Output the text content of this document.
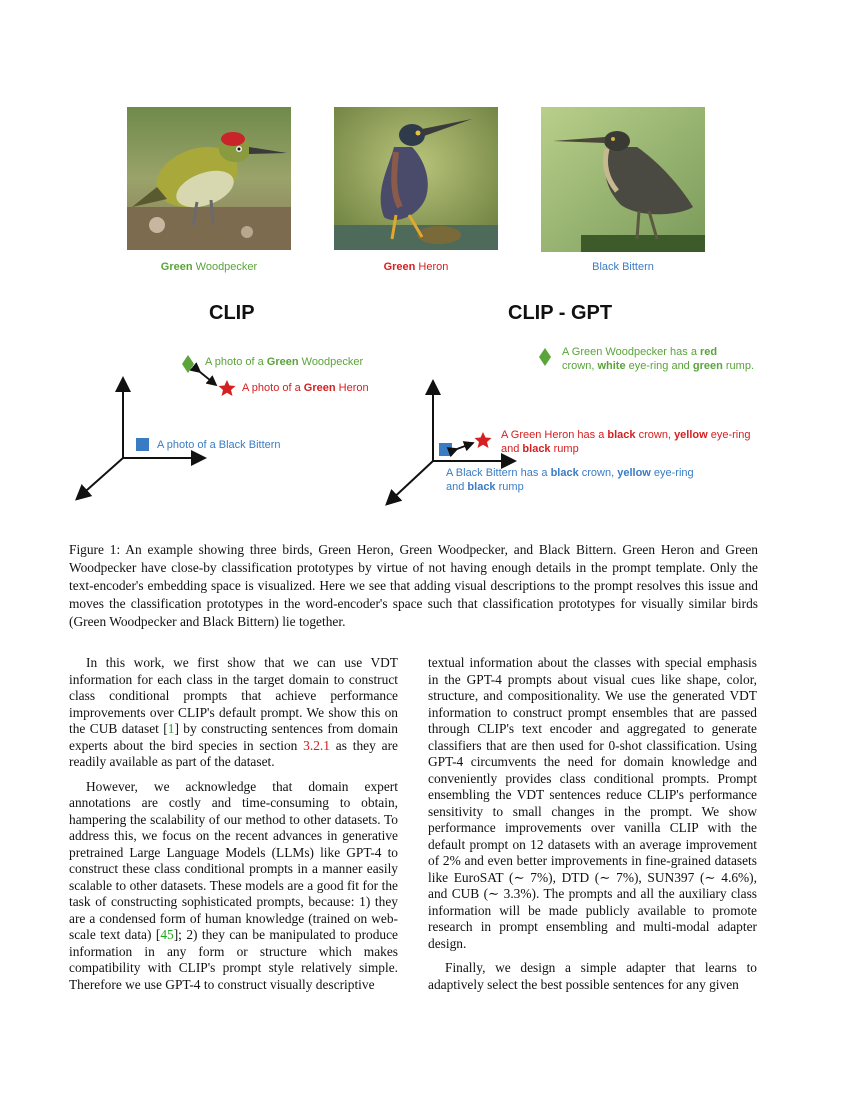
Green Woodpecker	Green Heron	Black Bittern
CLIP	CLIP - GPT
A photo of a Green Woodpecker
A photo of a Green Heron
A photo of a Black Bittern
A Green Woodpecker has a red
crown, white eye-ring and green rump.
A Green Heron has a black crown, yellow eye-ring
and black rump
A Black Bittern has a black crown, yellow eye-ring
and black rump
Figure 1: An example showing three birds, Green Heron, Green Woodpecker, and Black Bittern. Green Heron and Green Woodpecker have close-by classification prototypes by virtue of not having enough details in the prompt template. Only the text-encoder's embedding space is visualized. Here we see that adding visual descriptions to the prompt resolves this issue and moves the classification prototypes in the word-encoder's space such that classification prototypes for visually similar birds (Green Woodpecker and Black Bittern) lie together.

In this work, we first show that we can use VDT information for each class in the target domain to construct class conditional prompts that achieve performance improvements over CLIP's default prompt. We show this on the CUB dataset [1] by constructing sentences from domain experts about the bird species in section 3.2.1 as they are readily available as part of the dataset.

However, we acknowledge that domain expert annotations are costly and time-consuming to obtain, hampering the scalability of our method to other datasets. To address this, we focus on the recent advances in generative pretrained Large Language Models (LLMs) like GPT-4 to construct these class conditional prompts in a manner easily scalable to other datasets. These models are a good fit for the task of constructing sophisticated prompts, because: 1) they are a condensed form of human knowledge (trained on web-scale text data) [45]; 2) they can be manipulated to produce information in any form or structure which makes compatibility with CLIP's prompt style relatively simple. Therefore we use GPT-4 to construct visually descriptive

textual information about the classes with special emphasis in the GPT-4 prompts about visual cues like shape, color, structure, and compositionality. We use the generated VDT information to construct prompt ensembles that are passed through CLIP's text encoder and aggregated to generate classifiers that are then used for 0-shot classification. Using GPT-4 circumvents the need for domain knowledge and conveniently provides class conditional prompts. Prompt ensembling the VDT sentences reduce CLIP's performance sensitivity to small changes in the prompt. We show performance improvements over vanilla CLIP with the default prompt on 12 datasets with an average improvement of 2% and even better improvements in fine-grained datasets like EuroSAT (∼ 7%), DTD (∼ 7%), SUN397 (∼ 4.6%), and CUB (∼ 3.3%). The prompts and all the auxiliary class information will be made publicly available to promote research in prompt ensembling and multi-modal adapter design.

Finally, we design a simple adapter that learns to adaptively select the best possible sentences for any given
